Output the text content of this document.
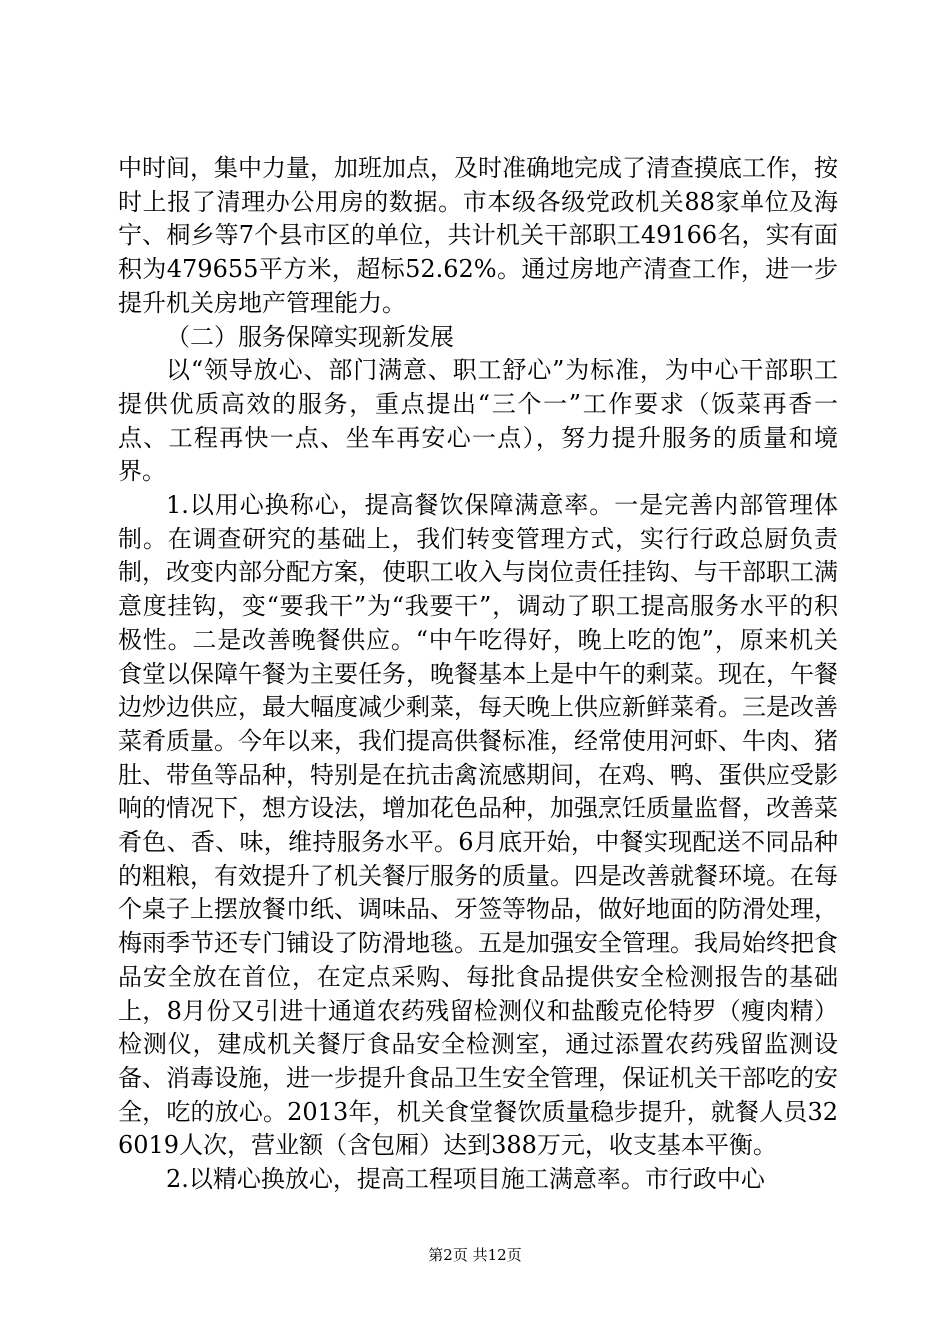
中时间，集中力量，加班加点，及时准确地完成了清查摸底工作，按时上报了清理办公用房的数据。市本级各级党政机关88家单位及海宁、桐乡等7个县市区的单位，共计机关干部职工49166名，实有面积为479655平方米，超标52.62%。通过房地产清查工作，进一步提升机关房地产管理能力。

（二）服务保障实现新发展

以“领导放心、部门满意、职工舒心”为标准，为中心干部职工提供优质高效的服务，重点提出“三个一”工作要求（饭菜再香一点、工程再快一点、坐车再安心一点），努力提升服务的质量和境界。

1.以用心换称心，提高餐饮保障满意率。一是完善内部管理体制。在调查研究的基础上，我们转变管理方式，实行行政总厨负责制，改变内部分配方案，使职工收入与岗位责任挂钩、与干部职工满意度挂钩，变“要我干”为“我要干”，调动了职工提高服务水平的积极性。二是改善晚餐供应。“中午吃得好，晚上吃的饱”，原来机关食堂以保障午餐为主要任务，晚餐基本上是中午的剩菜。现在，午餐边炒边供应，最大幅度减少剩菜，每天晚上供应新鲜菜肴。三是改善菜肴质量。今年以来，我们提高供餐标准，经常使用河虾、牛肉、猪肚、带鱼等品种，特别是在抗击禽流感期间，在鸡、鸭、蛋供应受影响的情况下，想方设法，增加花色品种，加强烹饪质量监督，改善菜肴色、香、味，维持服务水平。6月底开始，中餐实现配送不同品种的粗粮，有效提升了机关餐厅服务的质量。四是改善就餐环境。在每个桌子上摆放餐巾纸、调味品、牙签等物品，做好地面的防滑处理，梅雨季节还专门铺设了防滑地毯。五是加强安全管理。我局始终把食品安全放在首位，在定点采购、每批食品提供安全检测报告的基础上，8月份又引进十通道农药残留检测仪和盐酸克伦特罗（瘦肉精）检测仪，建成机关餐厅食品安全检测室，通过添置农药残留监测设备、消毒设施，进一步提升食品卫生安全管理，保证机关干部吃的安全，吃的放心。2013年，机关食堂餐饮质量稳步提升，就餐人员326019人次，营业额（含包厢）达到388万元，收支基本平衡。

2.以精心换放心，提高工程项目施工满意率。市行政中心

第2页 共12页
